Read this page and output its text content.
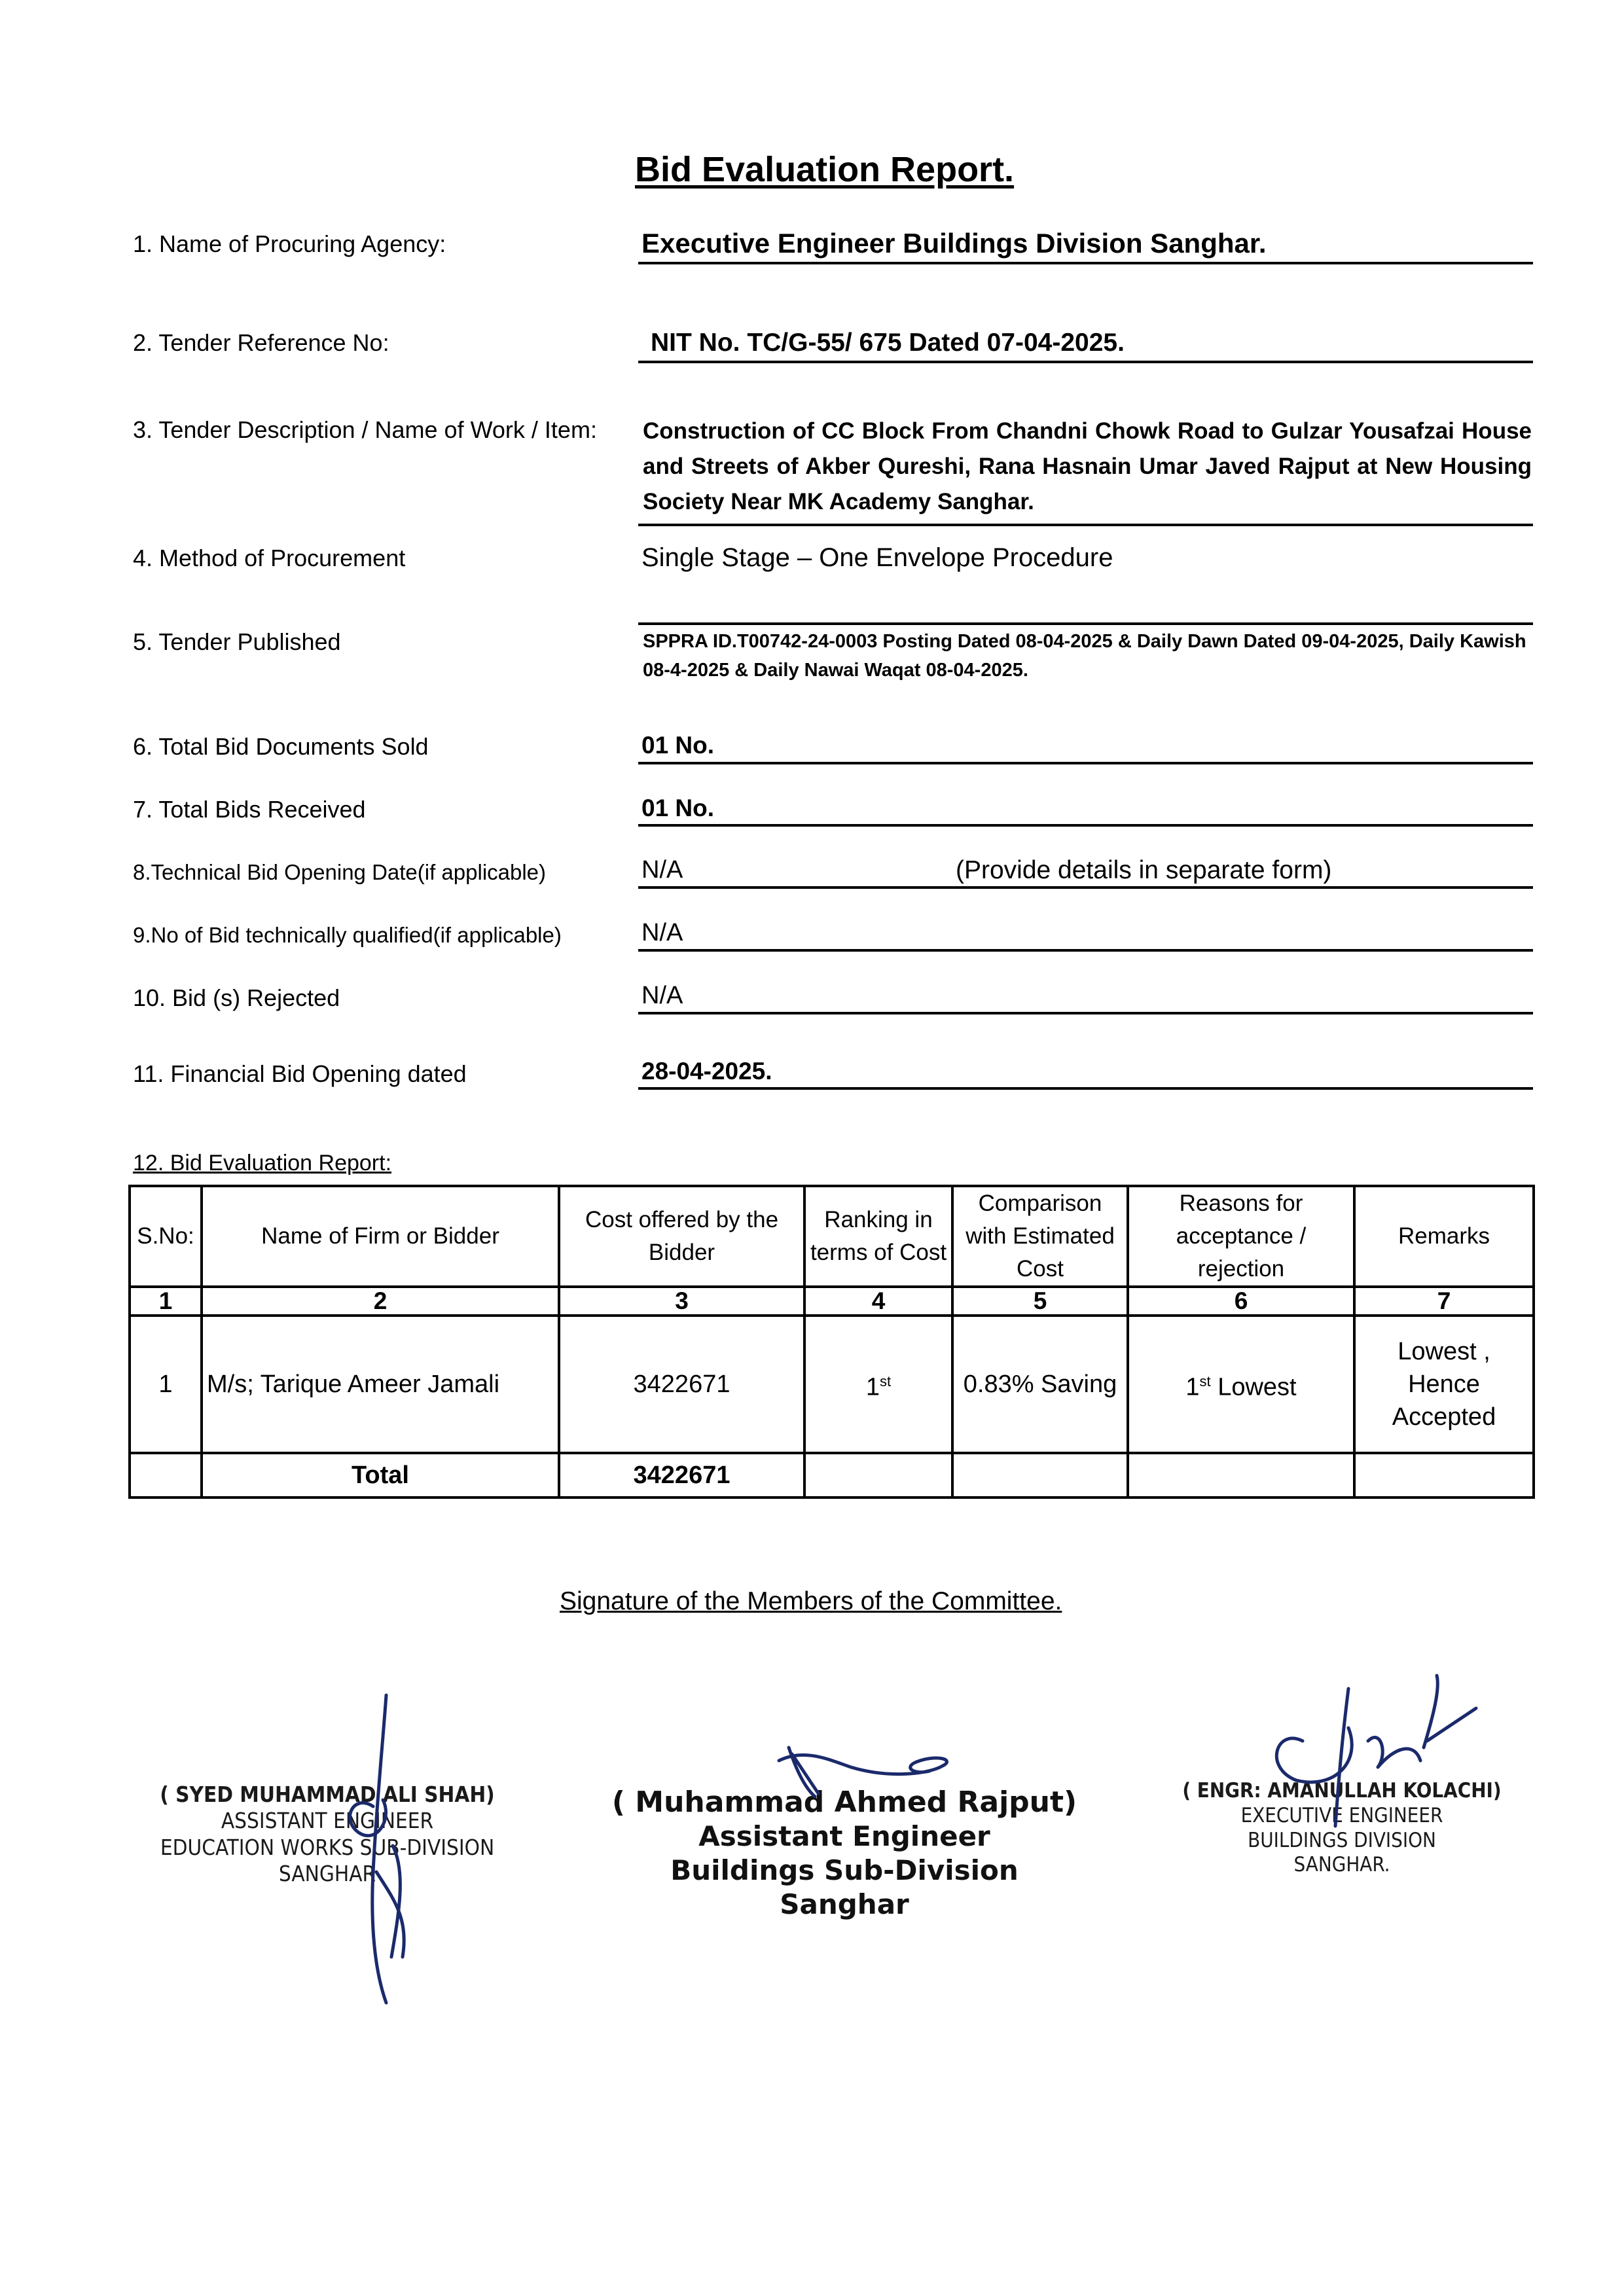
Bid Evaluation Report.
1. Name of Procuring Agency:	Executive Engineer Buildings Division Sanghar.
2. Tender Reference No:	NIT No. TC/G-55/ 675 Dated 07-04-2025.
3. Tender Description / Name of Work / Item: Construction of CC Block From Chandni Chowk Road to Gulzar Yousafzai House and Streets of Akber Qureshi, Rana Hasnain Umar Javed Rajput at New Housing Society Near MK Academy Sanghar.
4. Method of Procurement	Single Stage – One Envelope Procedure
5. Tender Published	SPPRA ID.T00742-24-0003 Posting Dated 08-04-2025 & Daily Dawn Dated 09-04-2025, Daily Kawish 08-4-2025 & Daily Nawai Waqat 08-04-2025.
6. Total Bid Documents Sold	01 No.
7. Total Bids Received	01 No.
8.Technical Bid Opening Date(if applicable)	N/A	(Provide details in separate form)
9.No of Bid technically qualified(if applicable)	N/A
10. Bid (s) Rejected	N/A
11. Financial Bid Opening dated	28-04-2025.
12. Bid Evaluation Report:
S.No:	Name of Firm or Bidder	Cost offered by the Bidder	Ranking in terms of Cost	Comparison with Estimated Cost	Reasons for acceptance / rejection	Remarks
1	2	3	4	5	6	7
1	M/s; Tarique Ameer Jamali	3422671	1st	0.83% Saving	1st Lowest	Lowest , Hence Accepted
	Total	3422671				
Signature of the Members of the Committee.
( SYED MUHAMMAD ALI SHAH)
ASSISTANT ENGINEER
EDUCATION WORKS SUB-DIVISION
SANGHAR
( Muhammad Ahmed Rajput)
Assistant Engineer
Buildings Sub-Division
Sanghar
( ENGR: AMANULLAH KOLACHI)
EXECUTIVE ENGINEER
BUILDINGS DIVISION
SANGHAR.
